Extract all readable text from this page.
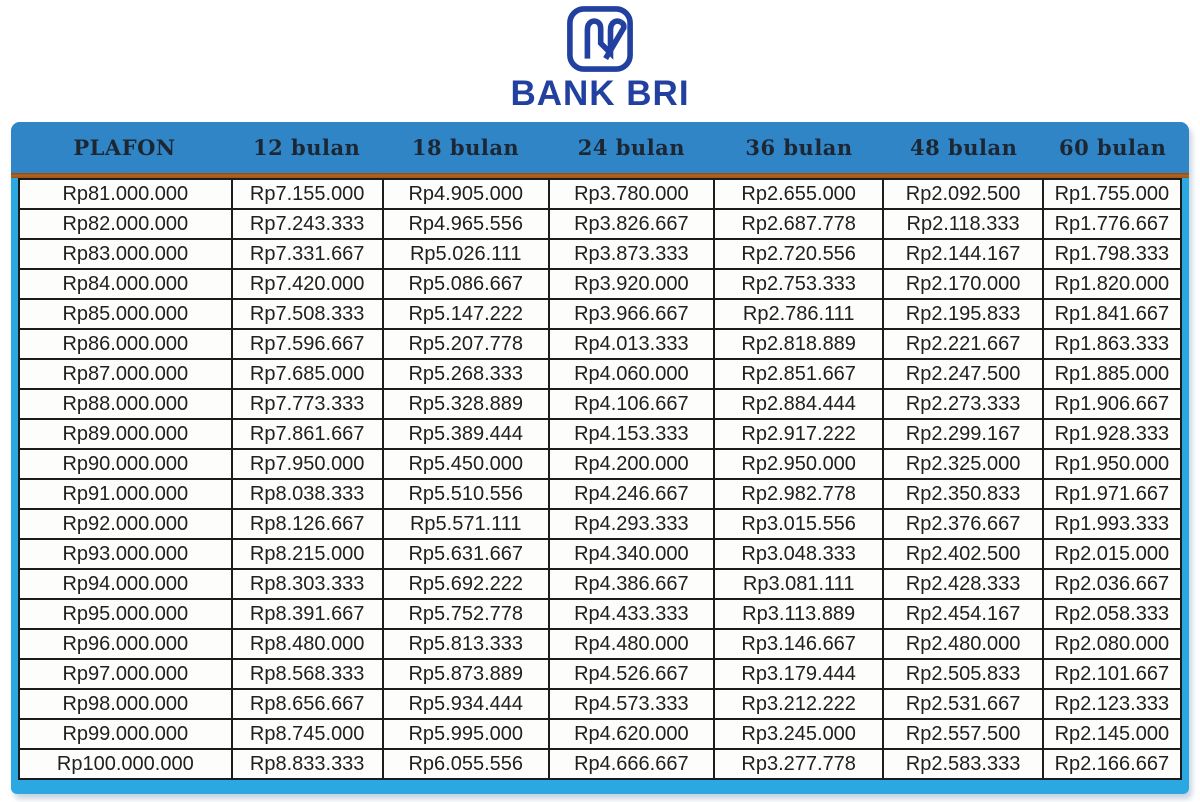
BANK BRI
PLAFON	12 bulan	18 bulan	24 bulan	36 bulan	48 bulan	60 bulan
Rp81.000.000	Rp7.155.000	Rp4.905.000	Rp3.780.000	Rp2.655.000	Rp2.092.500	Rp1.755.000
Rp82.000.000	Rp7.243.333	Rp4.965.556	Rp3.826.667	Rp2.687.778	Rp2.118.333	Rp1.776.667
Rp83.000.000	Rp7.331.667	Rp5.026.111	Rp3.873.333	Rp2.720.556	Rp2.144.167	Rp1.798.333
Rp84.000.000	Rp7.420.000	Rp5.086.667	Rp3.920.000	Rp2.753.333	Rp2.170.000	Rp1.820.000
Rp85.000.000	Rp7.508.333	Rp5.147.222	Rp3.966.667	Rp2.786.111	Rp2.195.833	Rp1.841.667
Rp86.000.000	Rp7.596.667	Rp5.207.778	Rp4.013.333	Rp2.818.889	Rp2.221.667	Rp1.863.333
Rp87.000.000	Rp7.685.000	Rp5.268.333	Rp4.060.000	Rp2.851.667	Rp2.247.500	Rp1.885.000
Rp88.000.000	Rp7.773.333	Rp5.328.889	Rp4.106.667	Rp2.884.444	Rp2.273.333	Rp1.906.667
Rp89.000.000	Rp7.861.667	Rp5.389.444	Rp4.153.333	Rp2.917.222	Rp2.299.167	Rp1.928.333
Rp90.000.000	Rp7.950.000	Rp5.450.000	Rp4.200.000	Rp2.950.000	Rp2.325.000	Rp1.950.000
Rp91.000.000	Rp8.038.333	Rp5.510.556	Rp4.246.667	Rp2.982.778	Rp2.350.833	Rp1.971.667
Rp92.000.000	Rp8.126.667	Rp5.571.111	Rp4.293.333	Rp3.015.556	Rp2.376.667	Rp1.993.333
Rp93.000.000	Rp8.215.000	Rp5.631.667	Rp4.340.000	Rp3.048.333	Rp2.402.500	Rp2.015.000
Rp94.000.000	Rp8.303.333	Rp5.692.222	Rp4.386.667	Rp3.081.111	Rp2.428.333	Rp2.036.667
Rp95.000.000	Rp8.391.667	Rp5.752.778	Rp4.433.333	Rp3.113.889	Rp2.454.167	Rp2.058.333
Rp96.000.000	Rp8.480.000	Rp5.813.333	Rp4.480.000	Rp3.146.667	Rp2.480.000	Rp2.080.000
Rp97.000.000	Rp8.568.333	Rp5.873.889	Rp4.526.667	Rp3.179.444	Rp2.505.833	Rp2.101.667
Rp98.000.000	Rp8.656.667	Rp5.934.444	Rp4.573.333	Rp3.212.222	Rp2.531.667	Rp2.123.333
Rp99.000.000	Rp8.745.000	Rp5.995.000	Rp4.620.000	Rp3.245.000	Rp2.557.500	Rp2.145.000
Rp100.000.000	Rp8.833.333	Rp6.055.556	Rp4.666.667	Rp3.277.778	Rp2.583.333	Rp2.166.667
